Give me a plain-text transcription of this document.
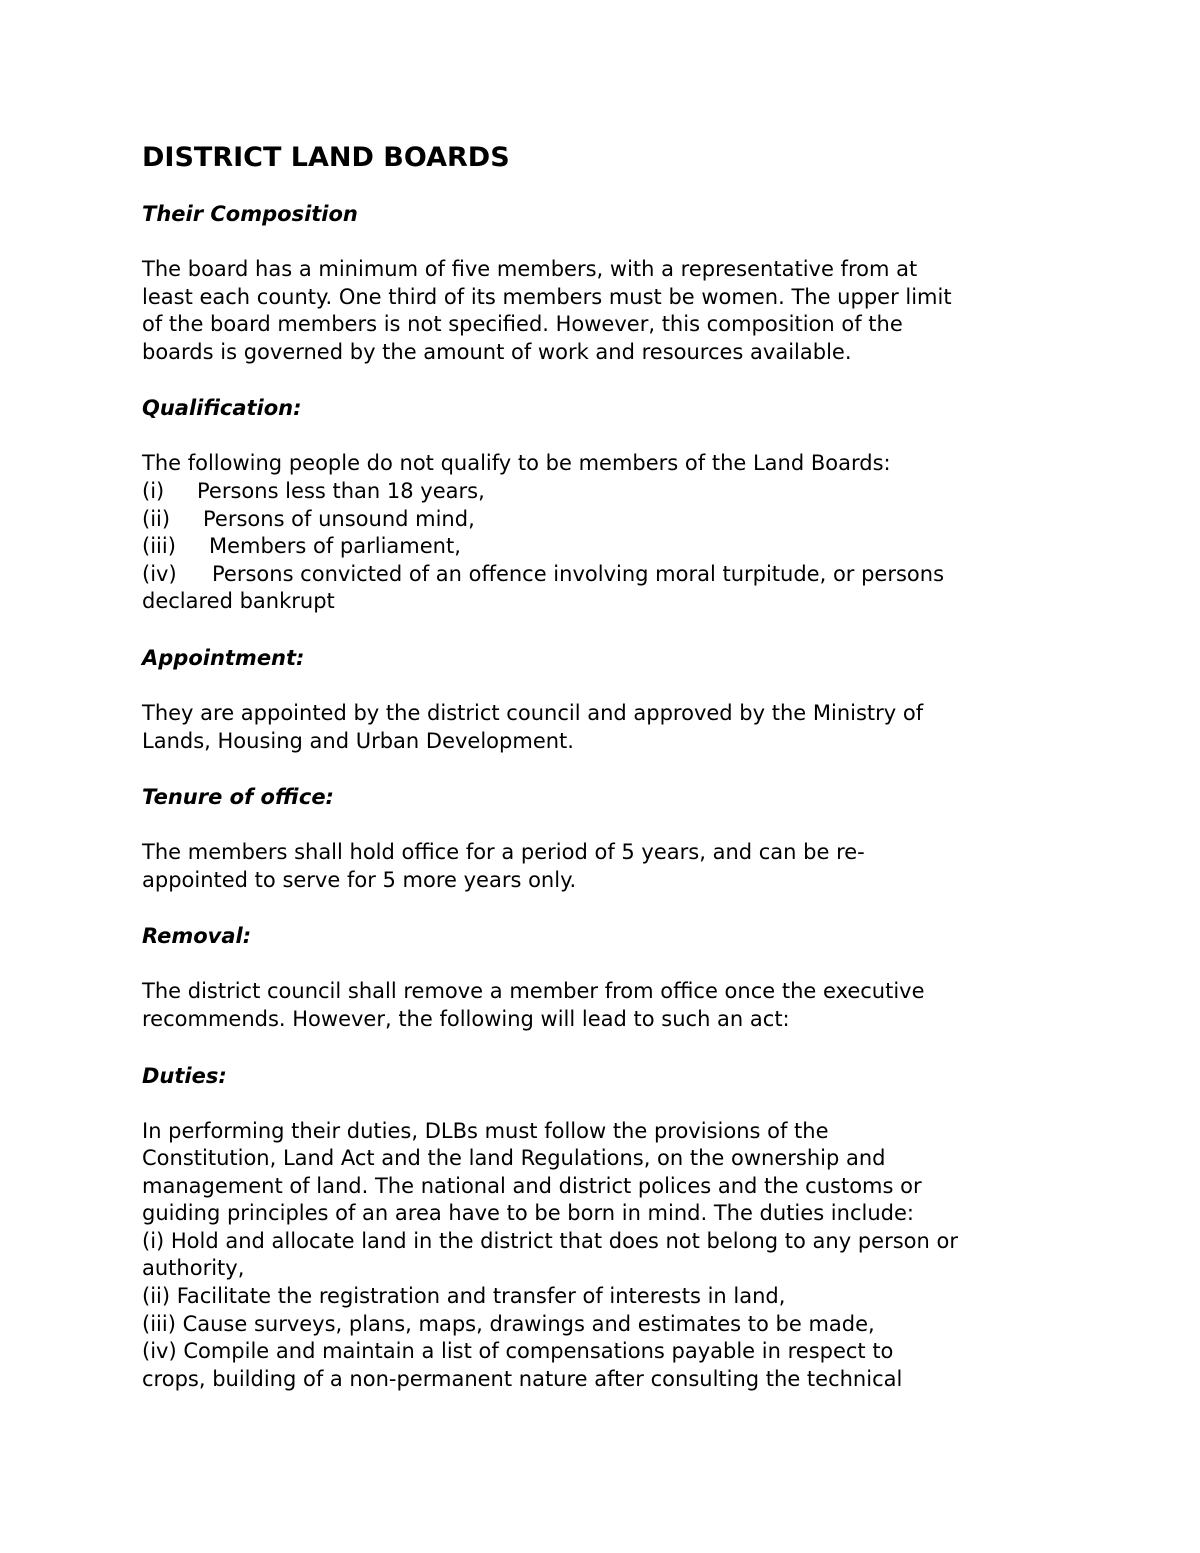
DISTRICT LAND BOARDS
Their Composition
The board has a minimum of five members, with a representative from at
least each county. One third of its members must be women. The upper limit
of the board members is not specified. However, this composition of the
boards is governed by the amount of work and resources available.
Qualification:
The following people do not qualify to be members of the Land Boards:
(i) Persons less than 18 years,
(ii) Persons of unsound mind,
(iii) Members of parliament,
(iv) Persons convicted of an offence involving moral turpitude, or persons
declared bankrupt
Appointment:
They are appointed by the district council and approved by the Ministry of
Lands, Housing and Urban Development.
Tenure of office:
The members shall hold office for a period of 5 years, and can be re-
appointed to serve for 5 more years only.
Removal:
The district council shall remove a member from office once the executive
recommends. However, the following will lead to such an act:
Duties:
In performing their duties, DLBs must follow the provisions of the
Constitution, Land Act and the land Regulations, on the ownership and
management of land. The national and district polices and the customs or
guiding principles of an area have to be born in mind. The duties include:
(i) Hold and allocate land in the district that does not belong to any person or
authority,
(ii) Facilitate the registration and transfer of interests in land,
(iii) Cause surveys, plans, maps, drawings and estimates to be made,
(iv) Compile and maintain a list of compensations payable in respect to
crops, building of a non-permanent nature after consulting the technical
